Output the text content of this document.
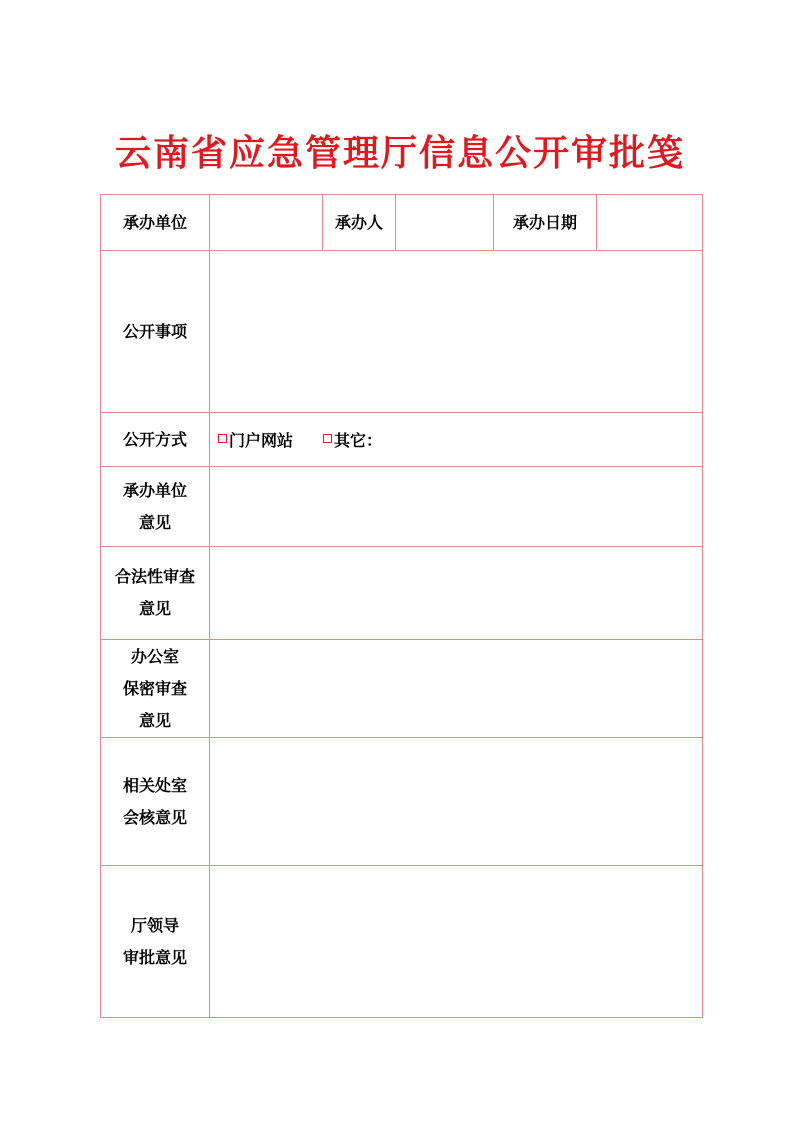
云南省应急管理厅信息公开审批笺
承办单位		承办人		承办日期	
公开事项					
公开方式	门户网站 其它：				

承办单位
意见					

合法性审查
意见					

办公室
保密审查
意见					

相关处室
会核意见					

厅领导
审批意见					
